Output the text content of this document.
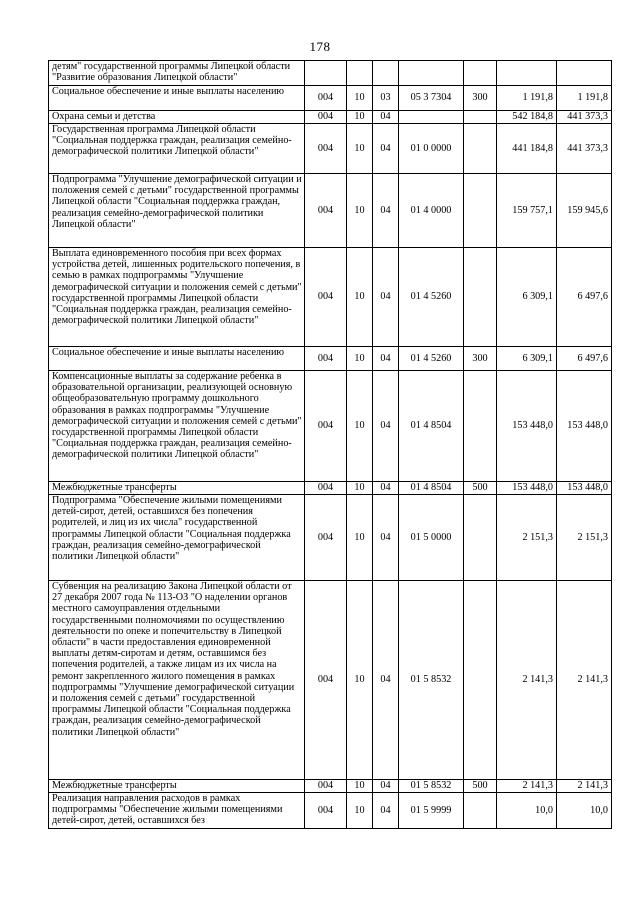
178
детям" государственной программы Липецкой области "Развитие образования Липецкой области"							
Социальное обеспечение и иные выплаты населению	004	10	03	05 3 7304	300	1 191,8	1 191,8
Охрана семьи и детства	004	10	04			542 184,8	441 373,3
Государственная программа Липецкой области "Социальная поддержка граждан, реализация семейно-демографической политики Липецкой области"	004	10	04	01 0 0000		441 184,8	441 373,3
Подпрограмма "Улучшение демографической ситуации и положения семей с детьми" государственной программы Липецкой области "Социальная поддержка граждан, реализация семейно-демографической политики Липецкой области"	004	10	04	01 4 0000		159 757,1	159 945,6
Выплата единовременного пособия при всех формах устройства детей, лишенных родительского попечения, в семью в рамках подпрограммы "Улучшение демографической ситуации и положения семей с детьми" государственной программы Липецкой области "Социальная поддержка граждан, реализация семейно-демографической политики Липецкой области"	004	10	04	01 4 5260		6 309,1	6 497,6
Социальное обеспечение и иные выплаты населению	004	10	04	01 4 5260	300	6 309,1	6 497,6
Компенсационные выплаты за содержание ребенка в образовательной организации, реализующей основную общеобразовательную программу дошкольного образования в рамках подпрограммы "Улучшение демографической ситуации и положения семей с детьми" государственной программы Липецкой области "Социальная поддержка граждан, реализация семейно-демографической политики Липецкой области"	004	10	04	01 4 8504		153 448,0	153 448,0
Межбюджетные трансферты	004	10	04	01 4 8504	500	153 448,0	153 448,0
Подпрограмма "Обеспечение жилыми помещениями детей-сирот, детей, оставшихся без попечения родителей, и лиц из их числа" государственной программы Липецкой области "Социальная поддержка граждан, реализация семейно-демографической политики Липецкой области"	004	10	04	01 5 0000		2 151,3	2 151,3
Субвенция на реализацию Закона Липецкой области от 27 декабря 2007 года № 113-ОЗ "О наделении органов местного самоуправления отдельными государственными полномочиями по осуществлению деятельности по опеке и попечительству в Липецкой области" в части предоставления единовременной выплаты детям-сиротам и детям, оставшимся без попечения родителей, а также лицам из их числа на ремонт закрепленного жилого помещения в рамках подпрограммы "Улучшение демографической ситуации и положения семей с детьми" государственной программы Липецкой области "Социальная поддержка граждан, реализация семейно-демографической политики Липецкой области"	004	10	04	01 5 8532		2 141,3	2 141,3
Межбюджетные трансферты	004	10	04	01 5 8532	500	2 141,3	2 141,3
Реализация направления расходов в рамках подпрограммы "Обеспечение жилыми помещениями детей-сирот, детей, оставшихся без	004	10	04	01 5 9999		10,0	10,0
